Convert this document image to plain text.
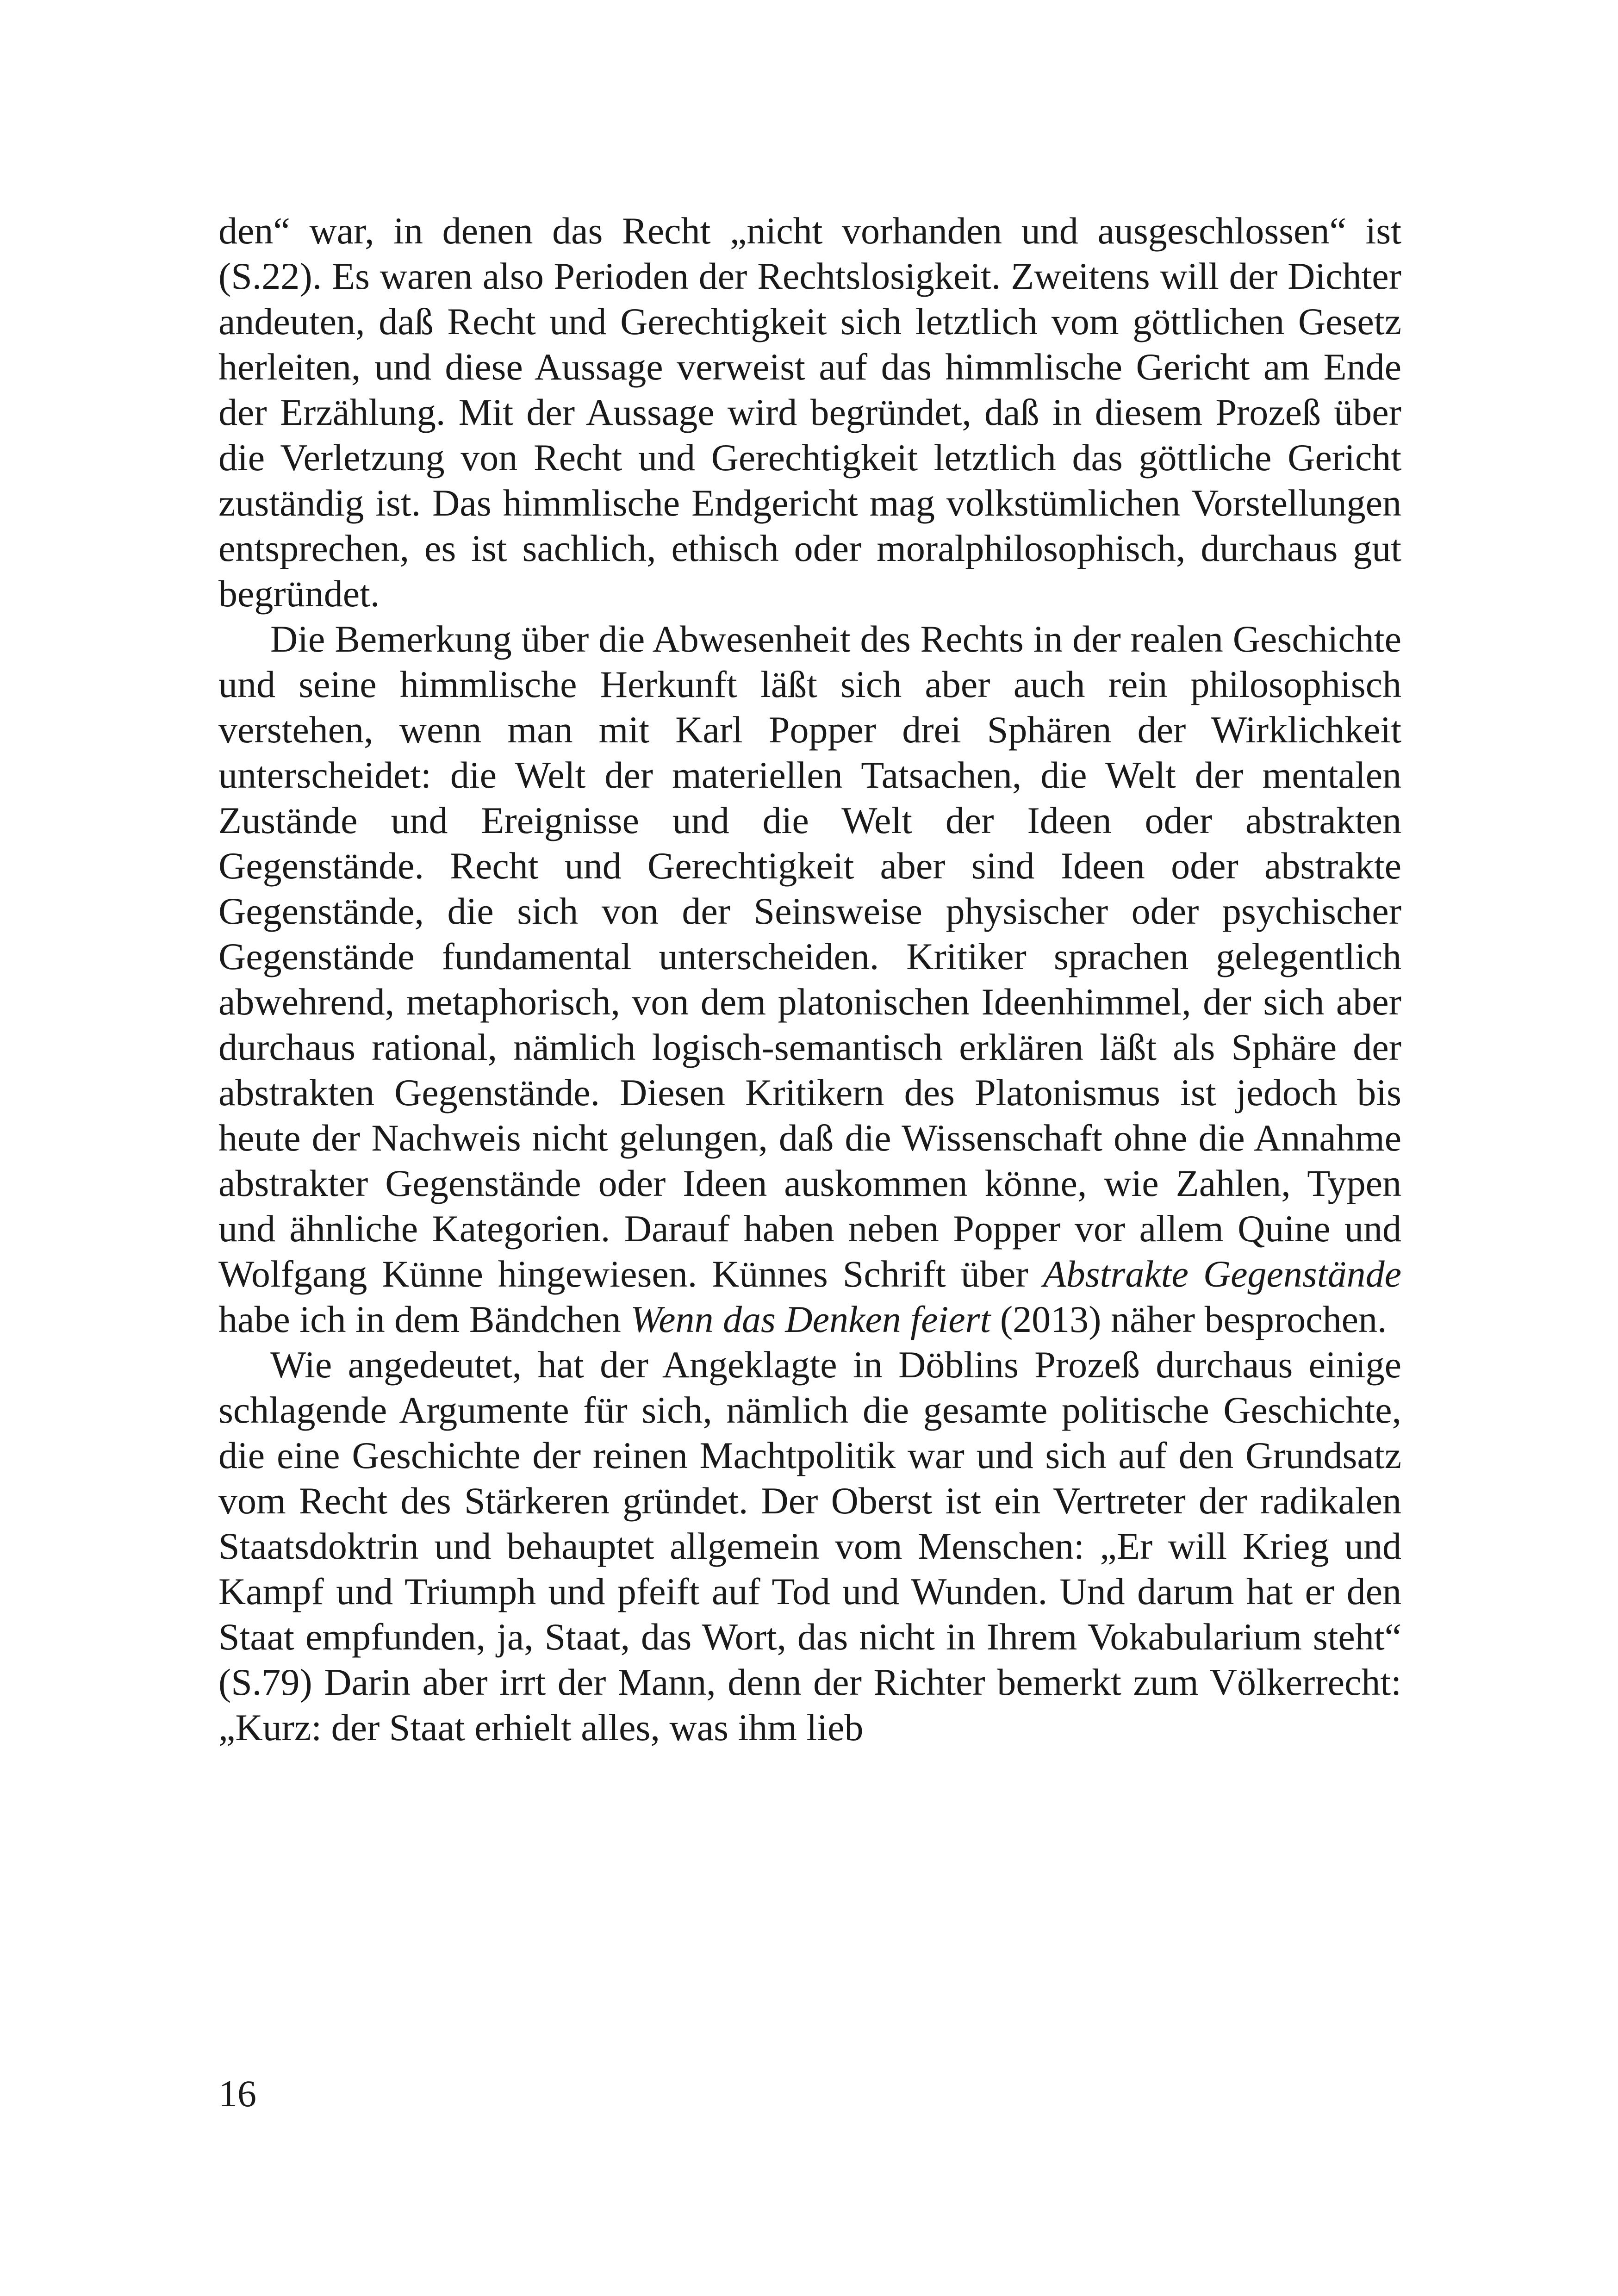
den“ war, in denen das Recht „nicht vorhanden und ausgeschlossen“ ist (S.22). Es waren also Perioden der Rechtslosigkeit. Zweitens will der Dichter andeuten, daß Recht und Gerechtigkeit sich letztlich vom göttlichen Gesetz herleiten, und diese Aussage verweist auf das himmlische Gericht am Ende der Erzählung. Mit der Aussage wird begründet, daß in diesem Prozeß über die Verletzung von Recht und Gerechtigkeit letztlich das göttliche Gericht zuständig ist. Das himmlische Endgericht mag volkstümlichen Vorstellungen entsprechen, es ist sachlich, ethisch oder moralphilosophisch, durchaus gut begründet.

Die Bemerkung über die Abwesenheit des Rechts in der realen Geschichte und seine himmlische Herkunft läßt sich aber auch rein philosophisch verstehen, wenn man mit Karl Popper drei Sphären der Wirklichkeit unterscheidet: die Welt der materiellen Tatsachen, die Welt der mentalen Zustände und Ereignisse und die Welt der Ideen oder abstrakten Gegenstände. Recht und Gerechtigkeit aber sind Ideen oder abstrakte Gegenstände, die sich von der Seinsweise physischer oder psychischer Gegenstände fundamental unterscheiden. Kritiker sprachen gelegentlich abwehrend, metaphorisch, von dem platonischen Ideenhimmel, der sich aber durchaus rational, nämlich logisch-semantisch erklären läßt als Sphäre der abstrakten Gegenstände. Diesen Kritikern des Platonismus ist jedoch bis heute der Nachweis nicht gelungen, daß die Wissenschaft ohne die Annahme abstrakter Gegenstände oder Ideen auskommen könne, wie Zahlen, Typen und ähnliche Kategorien. Darauf haben neben Popper vor allem Quine und Wolfgang Künne hingewiesen. Künnes Schrift über Abstrakte Gegenstände habe ich in dem Bändchen Wenn das Denken feiert (2013) näher besprochen.

Wie angedeutet, hat der Angeklagte in Döblins Prozeß durchaus einige schlagende Argumente für sich, nämlich die gesamte politische Geschichte, die eine Geschichte der reinen Machtpolitik war und sich auf den Grundsatz vom Recht des Stärkeren gründet. Der Oberst ist ein Vertreter der radikalen Staatsdoktrin und behauptet allgemein vom Menschen: „Er will Krieg und Kampf und Triumph und pfeift auf Tod und Wunden. Und darum hat er den Staat empfunden, ja, Staat, das Wort, das nicht in Ihrem Vokabularium steht“ (S.79) Darin aber irrt der Mann, denn der Richter bemerkt zum Völkerrecht: „Kurz: der Staat erhielt alles, was ihm lieb

16
